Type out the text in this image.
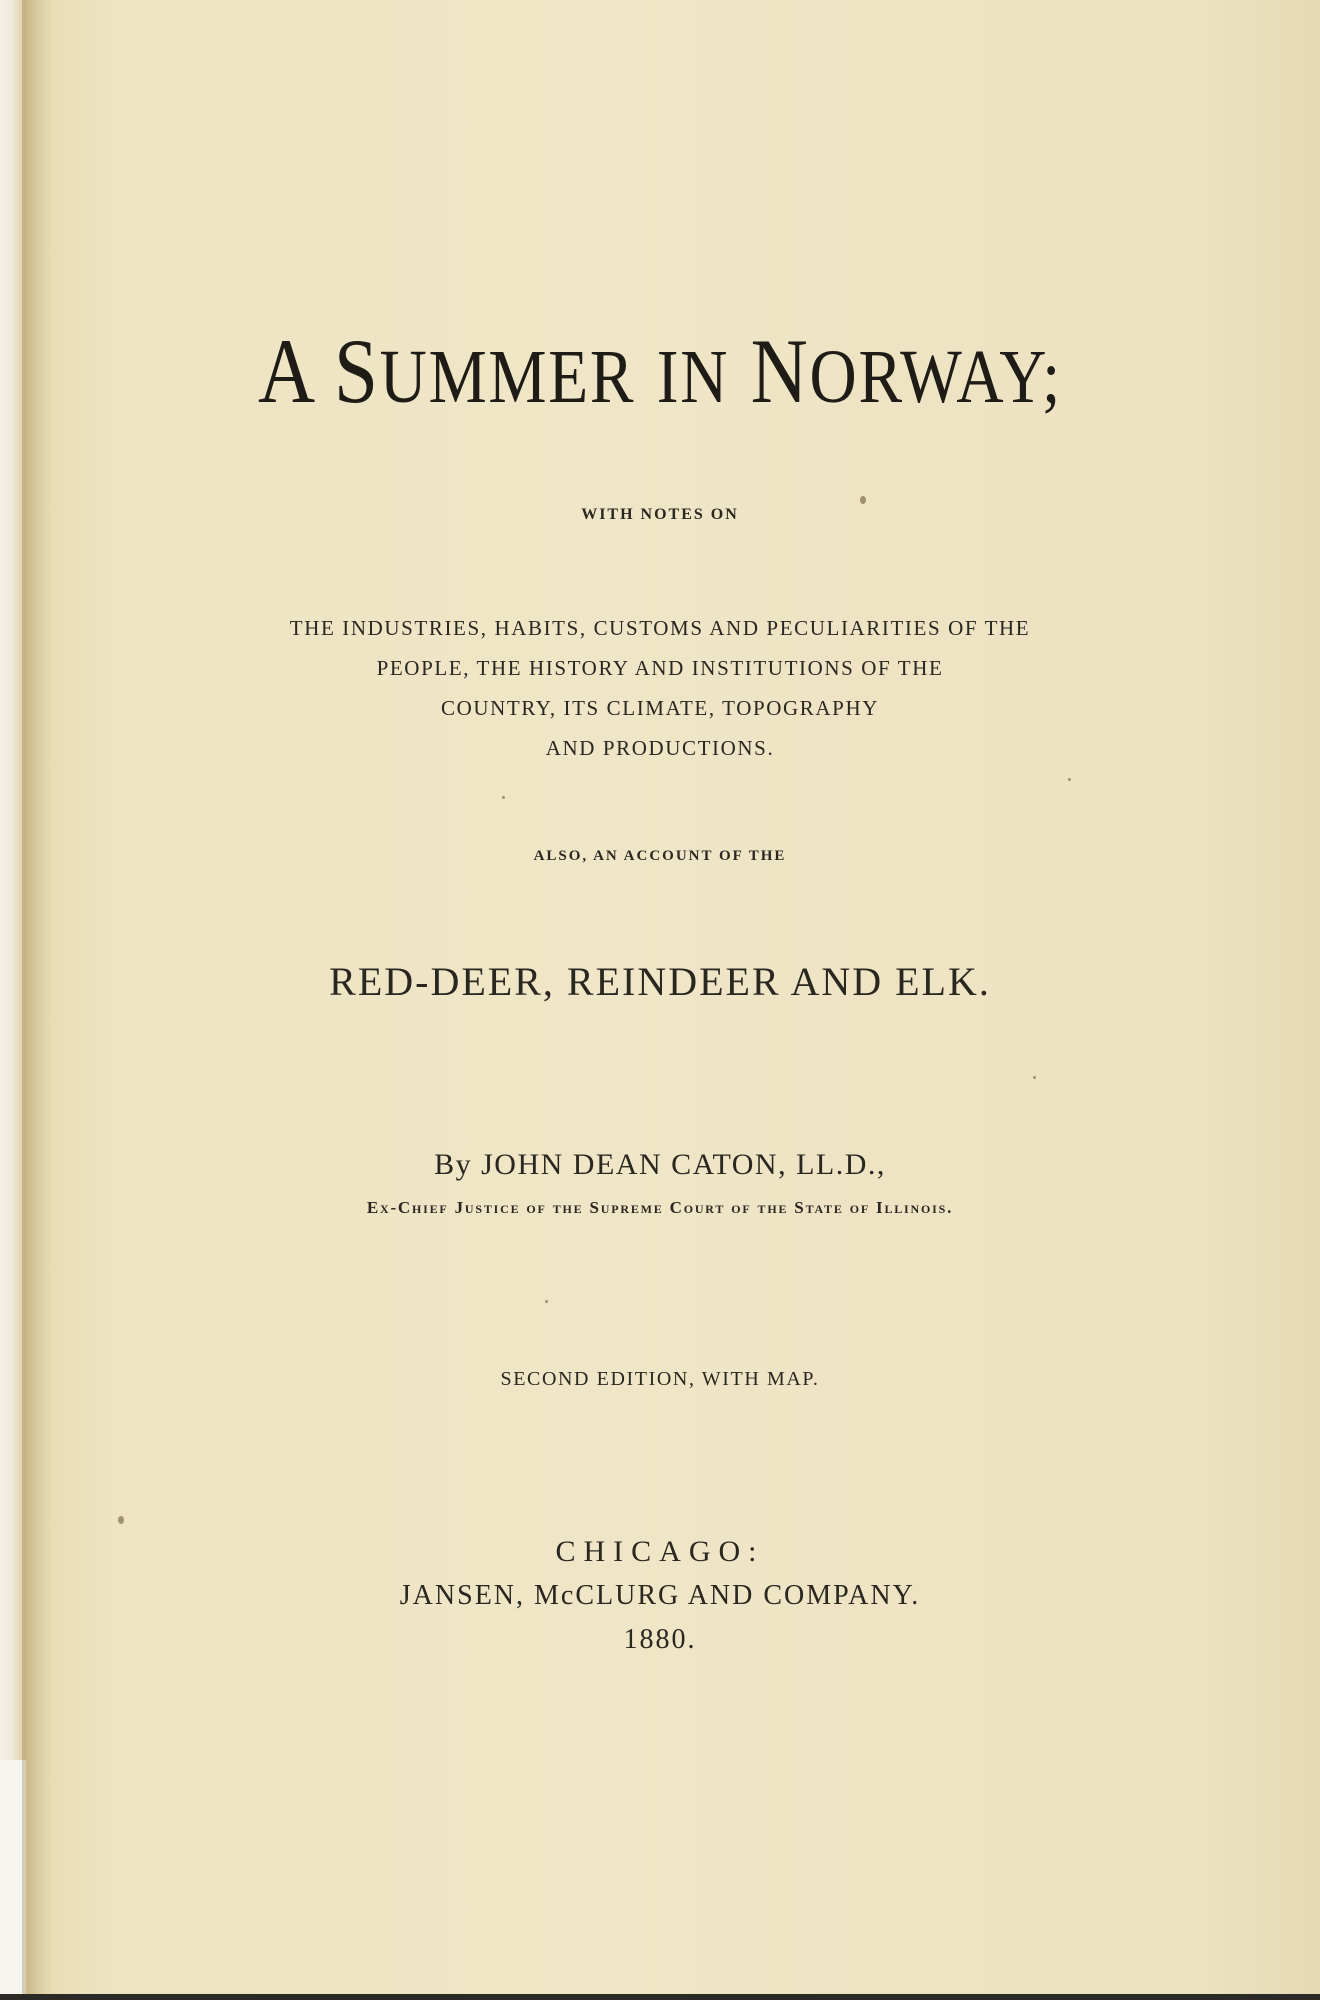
A SUMMER IN NORWAY;
WITH NOTES ON
THE INDUSTRIES, HABITS, CUSTOMS AND PECULIARITIES OF THE
PEOPLE, THE HISTORY AND INSTITUTIONS OF THE
COUNTRY, ITS CLIMATE, TOPOGRAPHY
AND PRODUCTIONS.
ALSO, AN ACCOUNT OF THE
RED-DEER, REINDEER AND ELK.
By JOHN DEAN CATON, LL.D.,
Ex-Chief Justice of the Supreme Court of the State of Illinois.
SECOND EDITION, WITH MAP.
CHICAGO:
JANSEN, McCLURG AND COMPANY.
1880.
